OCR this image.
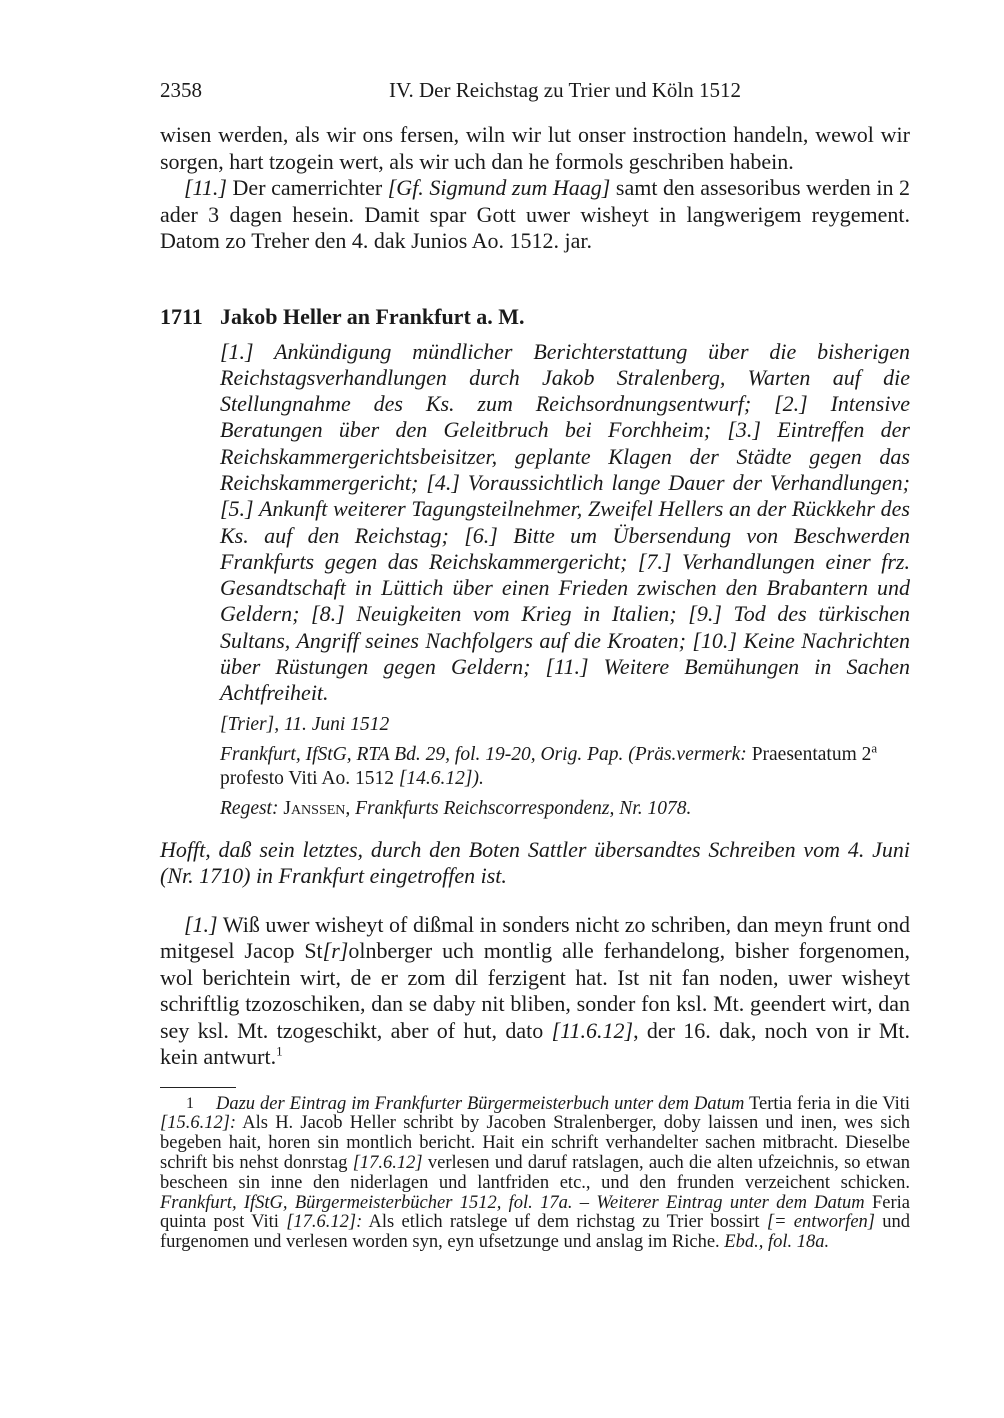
2358	IV. Der Reichstag zu Trier und Köln 1512

wisen werden, als wir ons fersen, wiln wir lut onser instroction handeln, wewol wir sorgen, hart tzogein wert, als wir uch dan he formols geschriben habein.

[11.] Der camerrichter [Gf. Sigmund zum Haag] samt den assesoribus werden in 2 ader 3 dagen hesein. Damit spar Gott uwer wisheyt in langwerigem reygement. Datom zo Treher den 4. dak Junios Ao. 1512. jar.

1711 Jakob Heller an Frankfurt a. M.

[1.] Ankündigung mündlicher Berichterstattung über die bisherigen Reichstagsverhandlungen durch Jakob Stralenberg, Warten auf die Stellungnahme des Ks. zum Reichsordnungsentwurf; [2.] Intensive Beratungen über den Geleitbruch bei Forchheim; [3.] Eintreffen der Reichskammergerichtsbeisitzer, geplante Klagen der Städte gegen das Reichskammergericht; [4.] Voraussichtlich lange Dauer der Verhandlungen; [5.] Ankunft weiterer Tagungsteilnehmer, Zweifel Hellers an der Rückkehr des Ks. auf den Reichstag; [6.] Bitte um Übersendung von Beschwerden Frankfurts gegen das Reichskammergericht; [7.] Verhandlungen einer frz. Gesandtschaft in Lüttich über einen Frieden zwischen den Brabantern und Geldern; [8.] Neuigkeiten vom Krieg in Italien; [9.] Tod des türkischen Sultans, Angriff seines Nachfolgers auf die Kroaten; [10.] Keine Nachrichten über Rüstungen gegen Geldern; [11.] Weitere Bemühungen in Sachen Achtfreiheit.

[Trier], 11. Juni 1512

Frankfurt, IfStG, RTA Bd. 29, fol. 19-20, Orig. Pap. (Präs.vermerk: Praesentatum 2$^a$ profesto Viti Ao. 1512 [14.6.12]).

Regest: Janssen, Frankfurts Reichscorrespondenz, Nr. 1078.

Hofft, daß sein letztes, durch den Boten Sattler übersandtes Schreiben vom 4. Juni (Nr. 1710) in Frankfurt eingetroffen ist.

[1.] Wiß uwer wisheyt of dißmal in sonders nicht zo schriben, dan meyn frunt ond mitgesel Jacop St[r]olnberger uch montlig alle ferhandelong, bisher forgenomen, wol berichtein wirt, de er zom dil ferzigent hat. Ist nit fan noden, uwer wisheyt schriftlig tzozoschiken, dan se daby nit bliben, sonder fon ksl. Mt. geendert wirt, dan sey ksl. Mt. tzogeschikt, aber of hut, dato [11.6.12], der 16. dak, noch von ir Mt. kein antwurt.$^1$

1 Dazu der Eintrag im Frankfurter Bürgermeisterbuch unter dem Datum Tertia feria in die Viti [15.6.12]: Als H. Jacob Heller schribt by Jacoben Stralenberger, doby laissen und inen, wes sich begeben hait, horen sin montlich bericht. Hait ein schrift verhandelter sachen mitbracht. Dieselbe schrift bis nehst donrstag [17.6.12] verlesen und daruf ratslagen, auch die alten ufzeichnis, so etwan bescheen sin inne den niderlagen und lantfriden etc., und den frunden verzeichent schicken. Frankfurt, IfStG, Bürgermeisterbücher 1512, fol. 17a. – Weiterer Eintrag unter dem Datum Feria quinta post Viti [17.6.12]: Als etlich ratslege uf dem richstag zu Trier bossirt [= entworfen] und furgenomen und verlesen worden syn, eyn ufsetzunge und anslag im Riche. Ebd., fol. 18a.
